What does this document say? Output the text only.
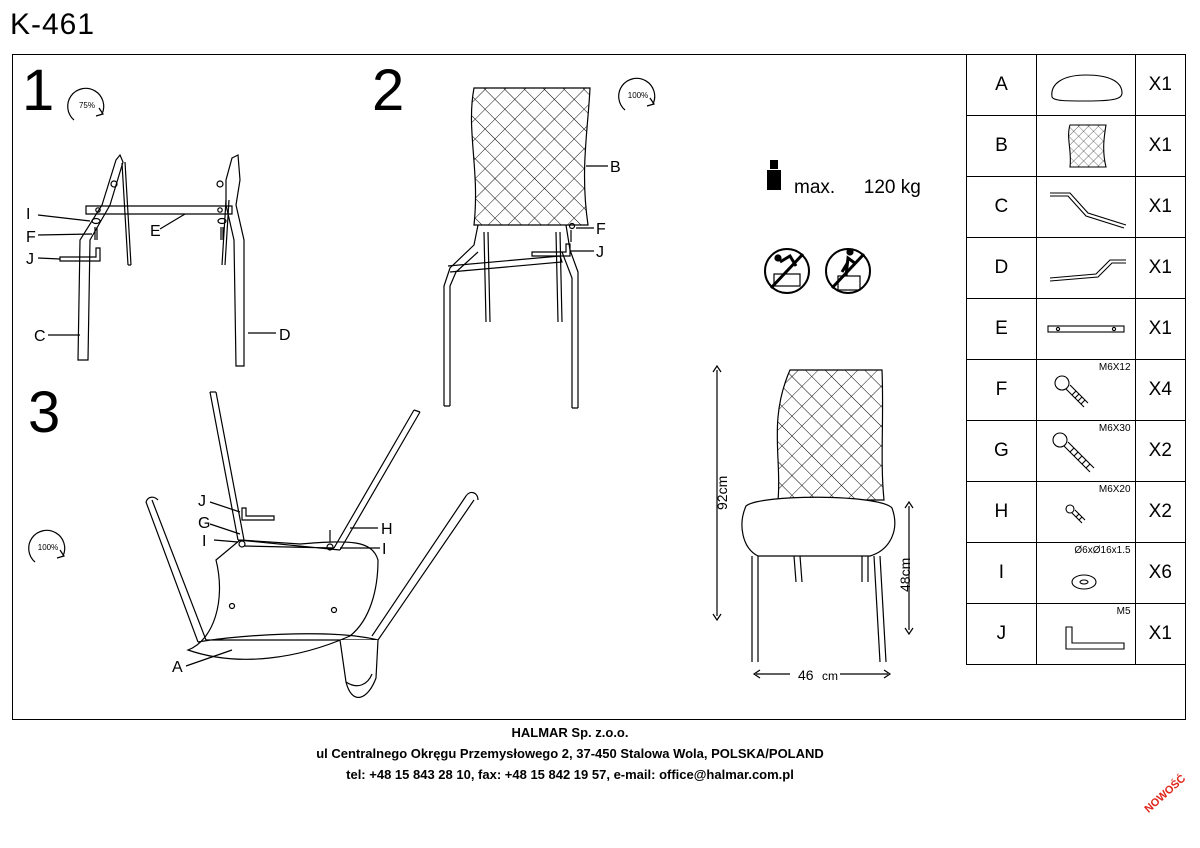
K-461
1	2
3
75%
100%
100%
I
F
J
E
C	D
B
F
J
J
G
I
H
I
A
92cm
48cm
46 cm
max. 120 kg
A		X1
B		X1
C		X1
D		X1
E		X1
F	M6X12	X4
G	M6X30	X2
H	M6X20	X2
I	Ø6xØ16x1.5	X6
J	M5	X1
HALMAR Sp. z.o.o.
ul Centralnego Okręgu Przemysłowego 2, 37-450 Stalowa Wola, POLSKA/POLAND
tel: +48 15 843 28 10, fax: +48 15 842 19 57, e-mail: office@halmar.com.pl	NOWOŚĆ
